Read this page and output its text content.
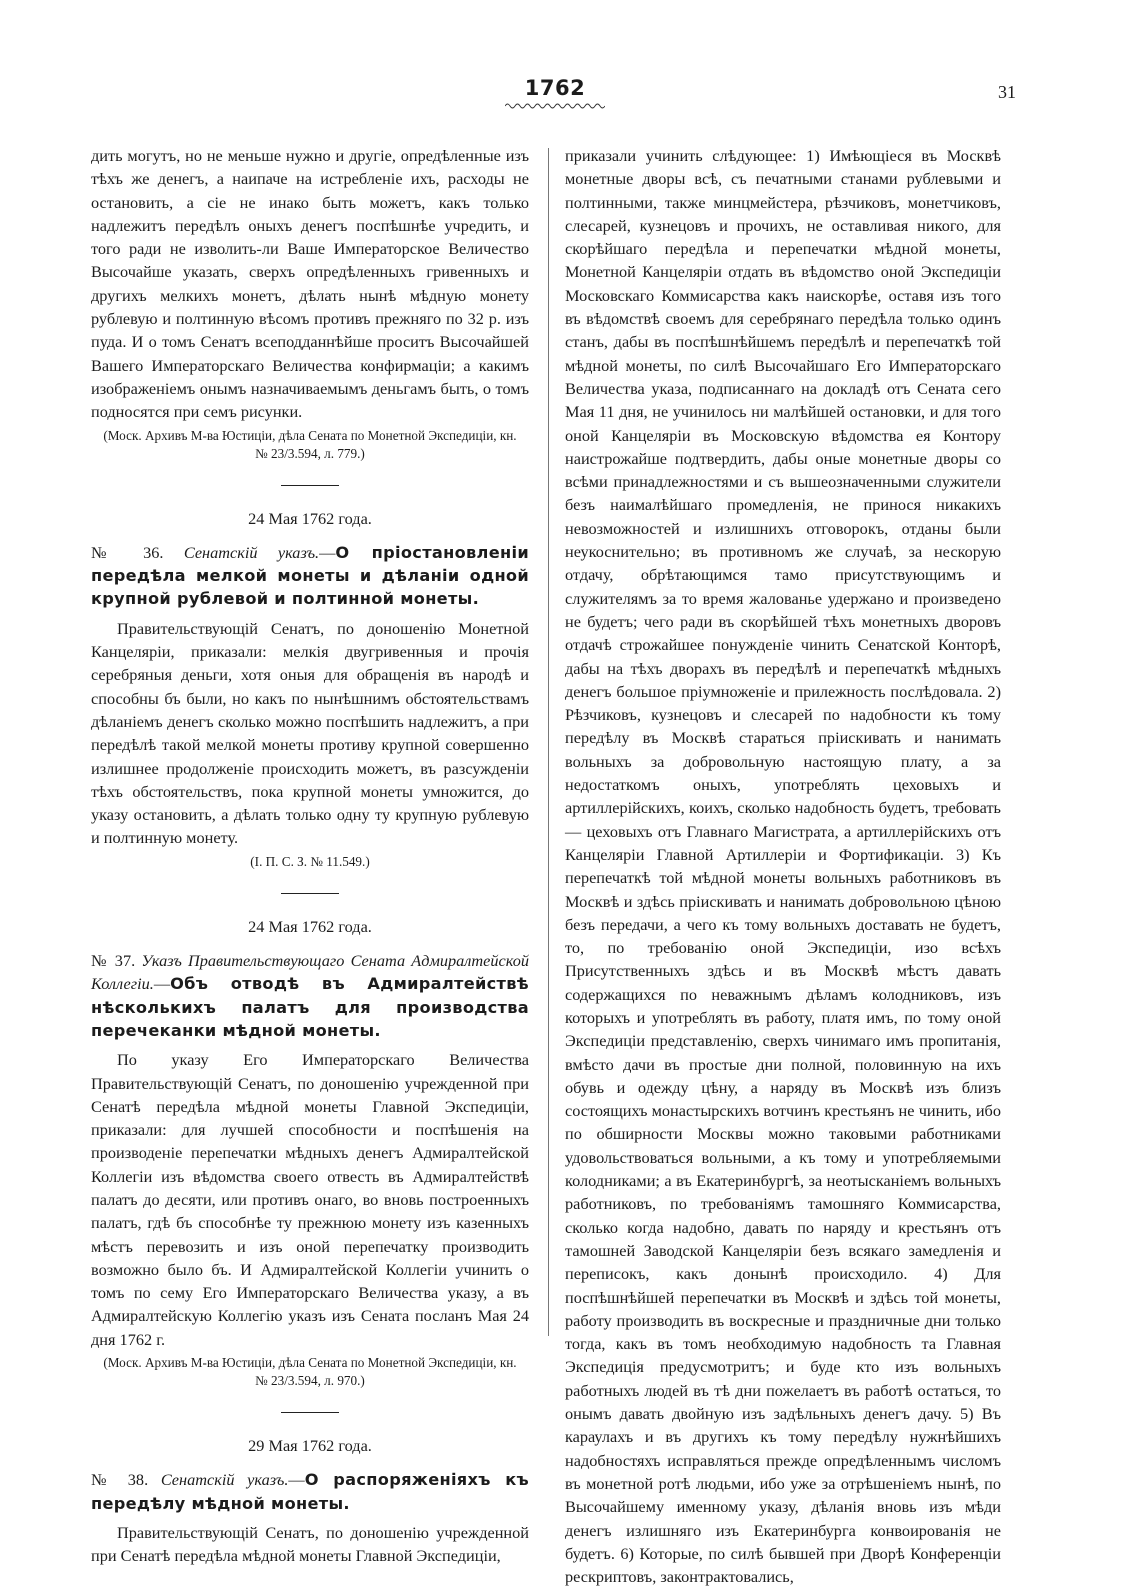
1762	31

дить могутъ, но не меньше нужно и другіе, опредѣленные изъ тѣхъ же денегъ, а наипаче на истребленіе ихъ, расходы не остановить, а сіе не инако быть можетъ, какъ только надлежитъ передѣлъ оныхъ денегъ поспѣшнѣе учредить, и того ради не изволить-ли Ваше Императорское Величество Высочайше указать, сверхъ опредѣленныхъ гривенныхъ и другихъ мелкихъ монетъ, дѣлать нынѣ мѣдную монету рублевую и полтинную вѣсомъ противъ прежняго по 32 р. изъ пуда. И о томъ Сенатъ всеподданнѣйше проситъ Высочайшей Вашего Императорскаго Величества конфирмаціи; а какимъ изображеніемъ онымъ назначиваемымъ деньгамъ быть, о томъ подносятся при семъ рисунки.

(Моск. Архивъ М-ва Юстиціи, дѣла Сената по Монетной Экспедиціи, кн. № 23/3.594, л. 779.)

24 Мая 1762 года.

№ 36. Сенатскій указъ.—О пріостановленіи передѣла мелкой монеты и дѣланіи одной крупной рублевой и полтинной монеты.

Правительствующій Сенатъ, по доношенію Монетной Канцеляріи, приказали: мелкія двугривенныя и прочія серебряныя деньги, хотя оныя для обращенія въ народѣ и способны бъ были, но какъ по нынѣшнимъ обстоятельствамъ дѣланіемъ денегъ сколько можно поспѣшить надлежитъ, а при передѣлѣ такой мелкой монеты противу крупной совершенно излишнее продолженіе происходить можетъ, въ разсужденіи тѣхъ обстоятельствъ, пока крупной монеты умножится, до указу остановить, а дѣлать только одну ту крупную рублевую и полтинную монету.

(I. П. С. З. № 11.549.)

24 Мая 1762 года.

№ 37. Указъ Правительствующаго Сената Адмиралтейской Коллегіи.—Объ отводѣ въ Адмиралтействѣ нѣсколькихъ палатъ для производства перечеканки мѣдной монеты.

По указу Его Императорскаго Величества Правительствующій Сенатъ, по доношенію учрежденной при Сенатѣ передѣла мѣдной монеты Главной Экспедиціи, приказали: для лучшей способности и поспѣшенія на производеніе перепечатки мѣдныхъ денегъ Адмиралтейской Коллегіи изъ вѣдомства своего отвесть въ Адмиралтействѣ палатъ до десяти, или противъ онаго, во вновь построенныхъ палатъ, гдѣ бъ способнѣе ту прежнюю монету изъ казенныхъ мѣстъ перевозить и изъ оной перепечатку производить возможно было бъ. И Адмиралтейской Коллегіи учинить о томъ по сему Его Императорскаго Величества указу, а въ Адмиралтейскую Коллегію указъ изъ Сената посланъ Мая 24 дня 1762 г.

(Моск. Архивъ М-ва Юстиціи, дѣла Сената по Монетной Экспедиціи, кн. № 23/3.594, л. 970.)

29 Мая 1762 года.

№ 38. Сенатскій указъ.—О распоряженіяхъ къ передѣлу мѣдной монеты.

Правительствующій Сенатъ, по доношенію учрежденной при Сенатѣ передѣла мѣдной монеты Главной Экспедиціи,

приказали учинить слѣдующее: 1) Имѣющіеся въ Москвѣ монетные дворы всѣ, съ печатными станами рублевыми и полтинными, также минцмейстера, рѣзчиковъ, монетчиковъ, слесарей, кузнецовъ и прочихъ, не оставливая никого, для скорѣйшаго передѣла и перепечатки мѣдной монеты, Монетной Канцеляріи отдать въ вѣдомство оной Экспедиціи Московскаго Коммисарства какъ наискорѣе, оставя изъ того въ вѣдомствѣ своемъ для серебрянаго передѣла только одинъ станъ, дабы въ поспѣшнѣйшемъ передѣлѣ и перепечаткѣ той мѣдной монеты, по силѣ Высочайшаго Его Императорскаго Величества указа, подписаннаго на докладѣ отъ Сената сего Мая 11 дня, не учинилось ни малѣйшей остановки, и для того оной Канцеляріи въ Московскую вѣдомства ея Контору наистрожайше подтвердить, дабы оные монетные дворы со всѣми принадлежностями и съ вышеозначенными служители безъ наималѣйшаго промедленія, не принося никакихъ невозможностей и излишнихъ отговорокъ, отданы были неукоснительно; въ противномъ же случаѣ, за нескорую отдачу, обрѣтающимся тамо присутствующимъ и служителямъ за то время жалованье удержано и произведено не будетъ; чего ради въ скорѣйшей тѣхъ монетныхъ дворовъ отдачѣ строжайшее понужденіе чинить Сенатской Конторѣ, дабы на тѣхъ дворахъ въ передѣлѣ и перепечаткѣ мѣдныхъ денегъ большое пріумноженіе и прилежность послѣдовала. 2) Рѣзчиковъ, кузнецовъ и слесарей по надобности къ тому передѣлу въ Москвѣ стараться пріискивать и нанимать вольныхъ за добровольную настоящую плату, а за недостаткомъ оныхъ, употреблять цеховыхъ и артиллерійскихъ, коихъ, сколько надобность будетъ, требовать — цеховыхъ отъ Главнаго Магистрата, а артиллерійскихъ отъ Канцеляріи Главной Артиллеріи и Фортификаціи. 3) Къ перепечаткѣ той мѣдной монеты вольныхъ работниковъ въ Москвѣ и здѣсь пріискивать и нанимать добровольною цѣною безъ передачи, а чего къ тому вольныхъ доставать не будетъ, то, по требованію оной Экспедиціи, изо всѣхъ Присутственныхъ здѣсь и въ Москвѣ мѣстъ давать содержащихся по неважнымъ дѣламъ колодниковъ, изъ которыхъ и употреблять въ работу, платя имъ, по тому оной Экспедиціи представленію, сверхъ чинимаго имъ пропитанія, вмѣсто дачи въ простые дни полной, половинную на ихъ обувь и одежду цѣну, а наряду въ Москвѣ изъ близъ состоящихъ монастырскихъ вотчинъ крестьянъ не чинить, ибо по обширности Москвы можно таковыми работниками удовольствоваться вольными, а къ тому и употребляемыми колодниками; а въ Екатеринбургѣ, за неотысканіемъ вольныхъ работниковъ, по требованіямъ тамошняго Коммисарства, сколько когда надобно, давать по наряду и крестьянъ отъ тамошней Заводской Канцеляріи безъ всякаго замедленія и переписокъ, какъ донынѣ происходило. 4) Для поспѣшнѣйшей перепечатки въ Москвѣ и здѣсь той монеты, работу производить въ воскресные и праздничные дни только тогда, какъ въ томъ необходимую надобность та Главная Экспедиція предусмотритъ; и буде кто изъ вольныхъ работныхъ людей въ тѣ дни пожелаетъ въ работѣ остаться, то онымъ давать двойную изъ задѣльныхъ денегъ дачу. 5) Въ караулахъ и въ другихъ къ тому передѣлу нужнѣйшихъ надобностяхъ исправляться прежде опредѣленнымъ числомъ въ монетной ротѣ людьми, ибо уже за отрѣшеніемъ нынѣ, по Высочайшему именному указу, дѣланія вновь изъ мѣди денегъ излишняго изъ Екатеринбурга конвоированія не будетъ. 6) Которые, по силѣ бывшей при Дворѣ Конференціи рескриптовъ, законтрактовались,
